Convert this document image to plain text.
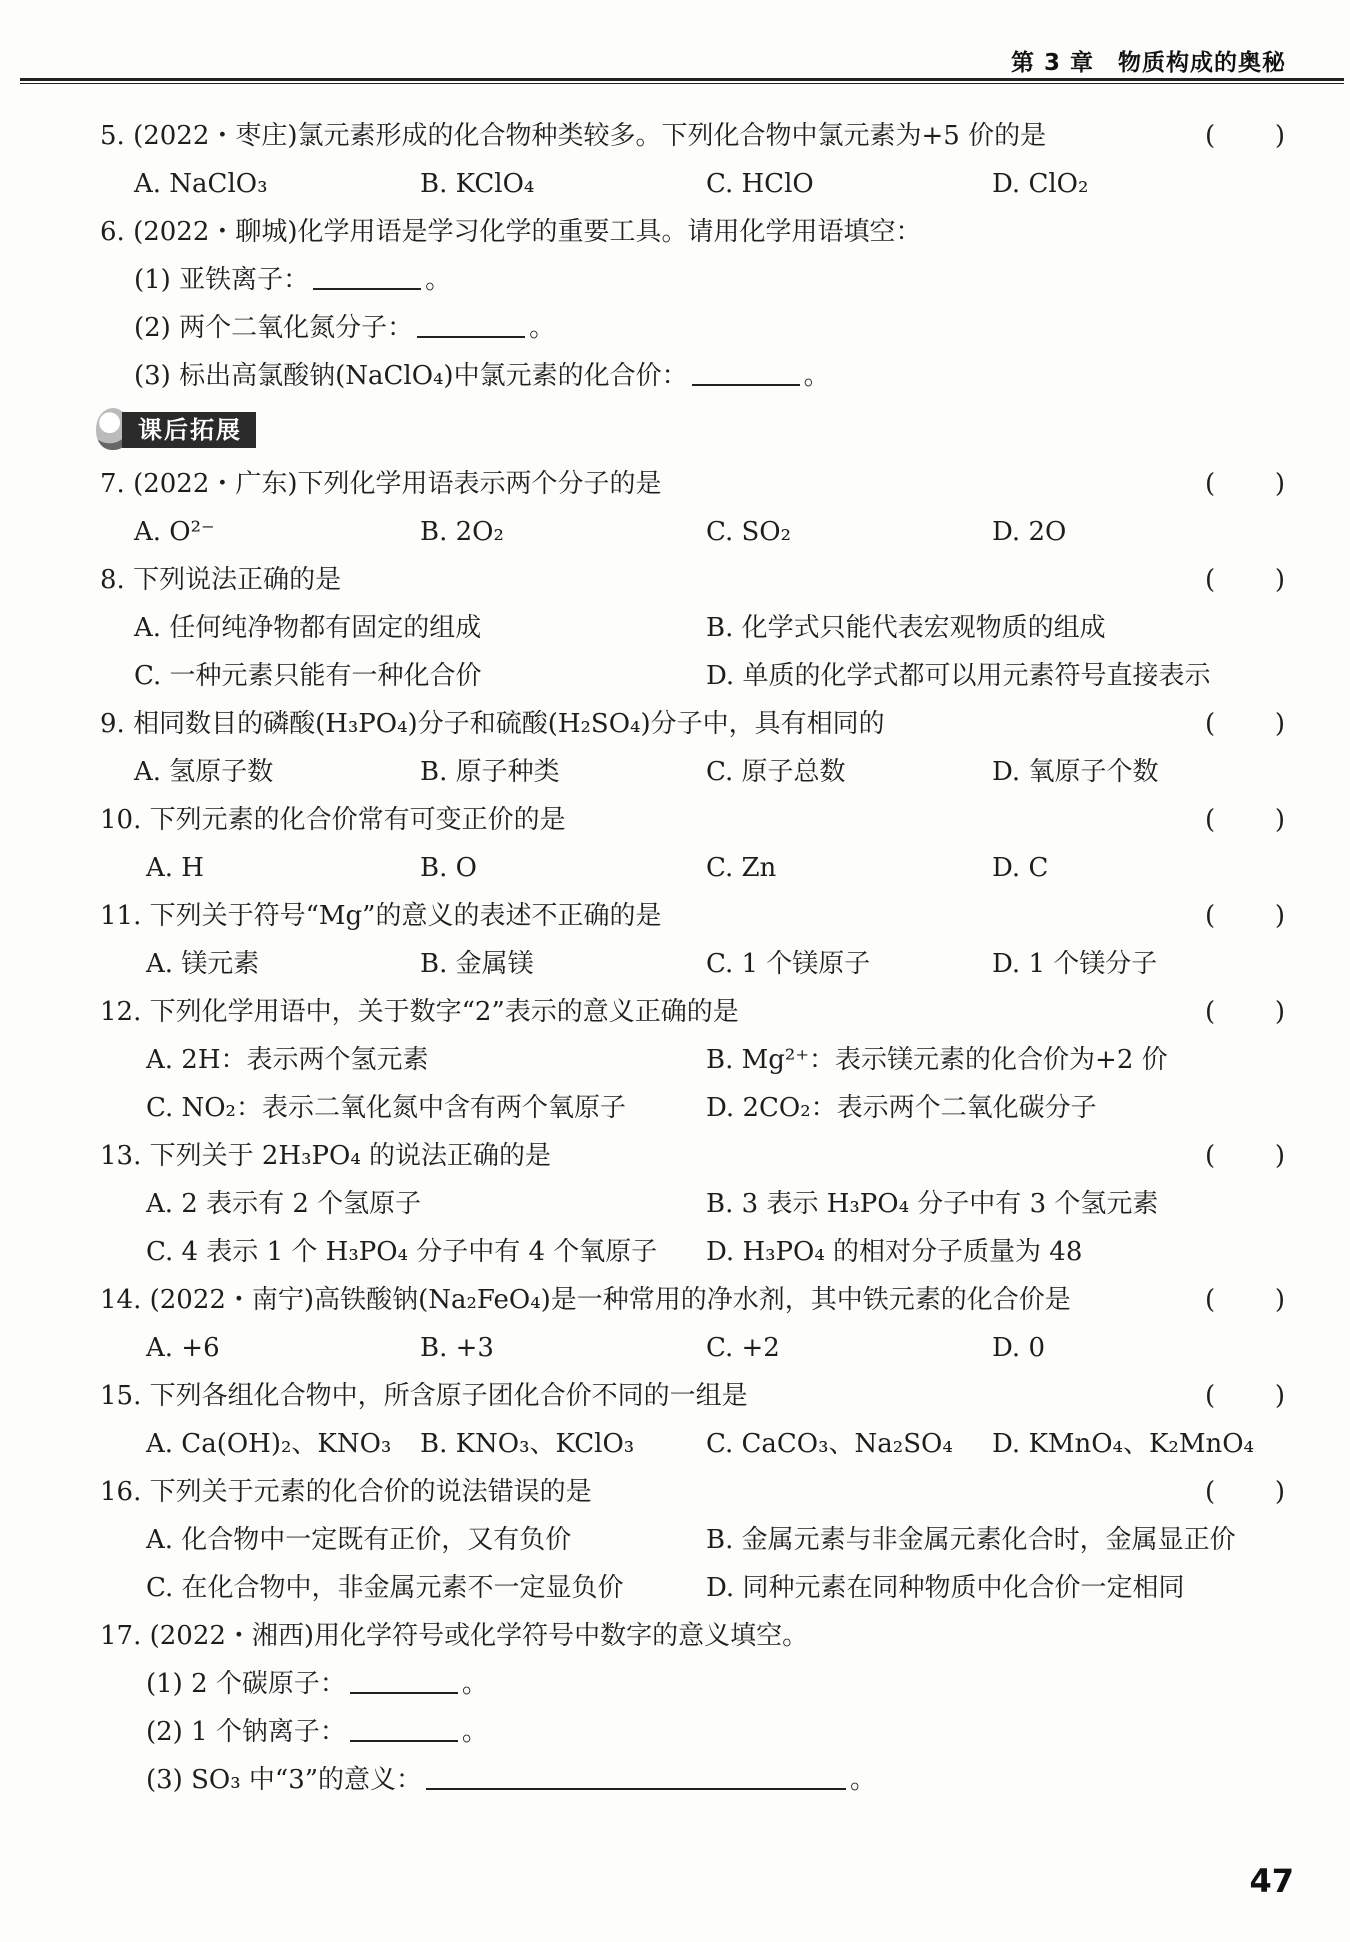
第 3 章　物质构成的奥秘
5. (2022・枣庄)氯元素形成的化合物种类较多。下列化合物中氯元素为+5 价的是	( )
A. NaClO₃	B. KClO₄	C. HClO	D. ClO₂
6. (2022・聊城)化学用语是学习化学的重要工具。请用化学用语填空：
(1) 亚铁离子：	。
(2) 两个二氧化氮分子：	。
(3) 标出高氯酸钠(NaClO₄)中氯元素的化合价：	。
课后拓展
7. (2022・广东)下列化学用语表示两个分子的是	( )
A. O²⁻	B. 2O₂	C. SO₂	D. 2O
8. 下列说法正确的是	( )
A. 任何纯净物都有固定的组成	B. 化学式只能代表宏观物质的组成
C. 一种元素只能有一种化合价	D. 单质的化学式都可以用元素符号直接表示
9. 相同数目的磷酸(H₃PO₄)分子和硫酸(H₂SO₄)分子中，具有相同的	( )
A. 氢原子数	B. 原子种类	C. 原子总数	D. 氧原子个数
10. 下列元素的化合价常有可变正价的是	( )
A. H	B. O	C. Zn	D. C
11. 下列关于符号“Mg”的意义的表述不正确的是	( )
A. 镁元素	B. 金属镁	C. 1 个镁原子	D. 1 个镁分子
12. 下列化学用语中，关于数字“2”表示的意义正确的是	( )
A. 2H：表示两个氢元素	B. Mg²⁺：表示镁元素的化合价为+2 价
C. NO₂：表示二氧化氮中含有两个氧原子	D. 2CO₂：表示两个二氧化碳分子
13. 下列关于 2H₃PO₄ 的说法正确的是	( )
A. 2 表示有 2 个氢原子	B. 3 表示 H₃PO₄ 分子中有 3 个氢元素
C. 4 表示 1 个 H₃PO₄ 分子中有 4 个氧原子 D. H₃PO₄ 的相对分子质量为 48
14. (2022・南宁)高铁酸钠(Na₂FeO₄)是一种常用的净水剂，其中铁元素的化合价是	( )
A. +6	B. +3	C. +2	D. 0
15. 下列各组化合物中，所含原子团化合价不同的一组是	( )
A. Ca(OH)₂、KNO₃ B. KNO₃、KClO₃	C. CaCO₃、Na₂SO₄ D. KMnO₄、K₂MnO₄
16. 下列关于元素的化合价的说法错误的是	( )
A. 化合物中一定既有正价，又有负价	B. 金属元素与非金属元素化合时，金属显正价
C. 在化合物中，非金属元素不一定显负价	D. 同种元素在同种物质中化合价一定相同
17. (2022・湘西)用化学符号或化学符号中数字的意义填空。
(1) 2 个碳原子：	。
(2) 1 个钠离子：	。
(3) SO₃ 中“3”的意义：	。
47
